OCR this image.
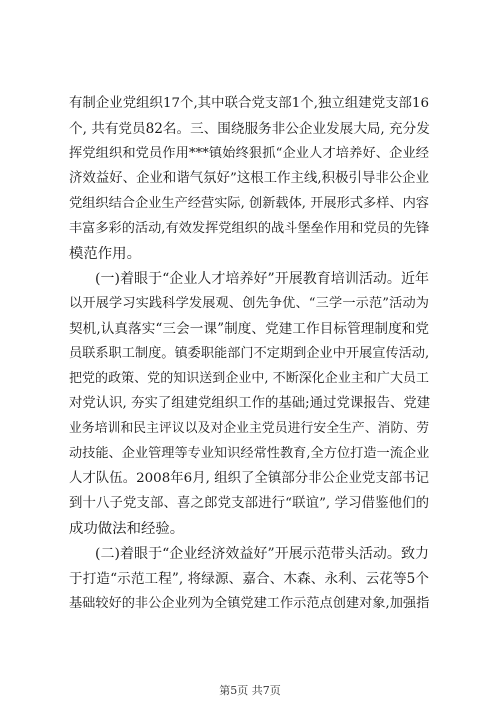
有制企业党组织17个,其中联合党支部1个,独立组建党支部16
个, 共有党员82名。三、围绕服务非公企业发展大局, 充分发
挥党组织和党员作用***镇始终狠抓“企业人才培养好、企业经
济效益好、企业和谐气氛好”这根工作主线,积极引导非公企业
党组织结合企业生产经营实际, 创新载体, 开展形式多样、内容
丰富多彩的活动,有效发挥党组织的战斗堡垒作用和党员的先锋
模范作用。
(一)着眼于“企业人才培养好”开展教育培训活动。近年
以开展学习实践科学发展观、创先争优、“三学一示范”活动为
契机,认真落实“三会一课”制度、党建工作目标管理制度和党
员联系职工制度。镇委职能部门不定期到企业中开展宣传活动,
把党的政策、党的知识送到企业中, 不断深化企业主和广大员工
对党认识, 夯实了组建党组织工作的基础;通过党课报告、党建
业务培训和民主评议以及对企业主党员进行安全生产、消防、劳
动技能、企业管理等专业知识经常性教育,全方位打造一流企业
人才队伍。2008年6月, 组织了全镇部分非公企业党支部书记
到十八子党支部、喜之郎党支部进行“联谊”, 学习借鉴他们的
成功做法和经验。
(二)着眼于“企业经济效益好”开展示范带头活动。致力
于打造“示范工程”, 将绿源、嘉合、木森、永利、云花等5个
基础较好的非公企业列为全镇党建工作示范点创建对象,加强指
第5页 共7页
